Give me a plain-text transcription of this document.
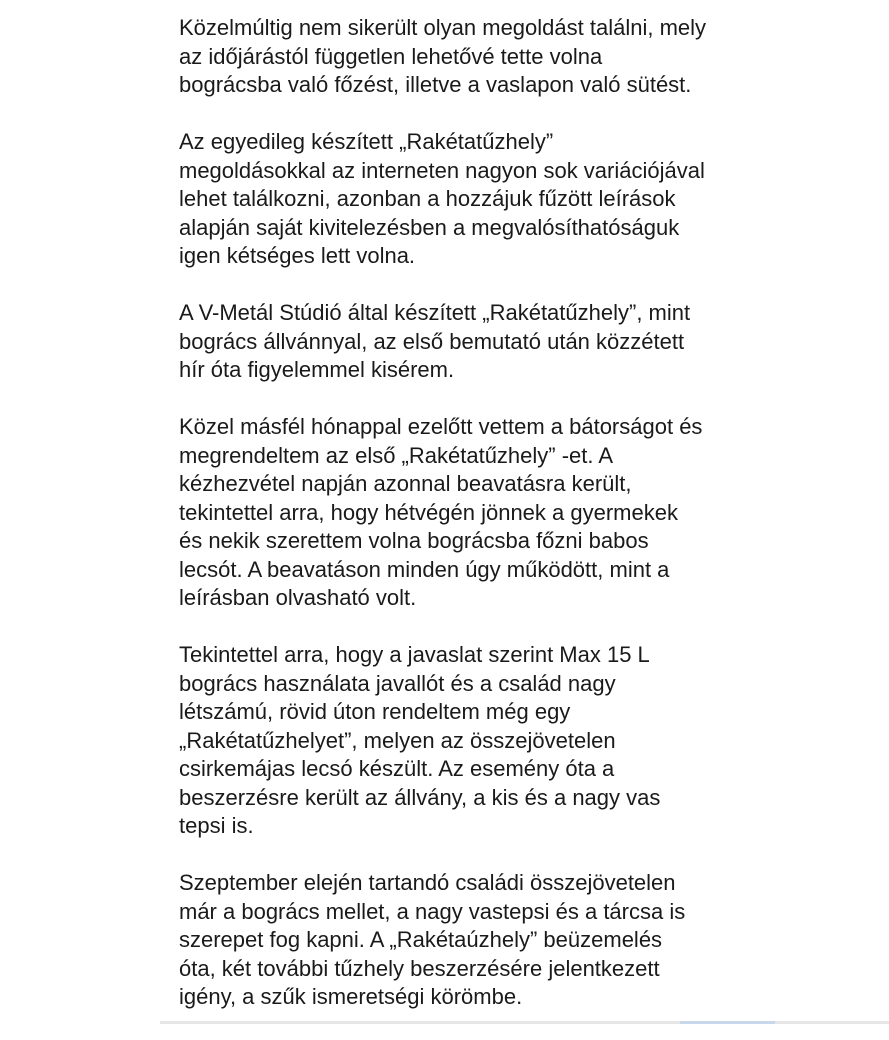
Közelmúltig nem sikerült olyan megoldást találni, mely
az időjárástól független lehetővé tette volna
bográcsba való főzést, illetve a vaslapon való sütést.

Az egyedileg készített „Rakétatűzhely”
megoldásokkal az interneten nagyon sok variációjával
lehet találkozni, azonban a hozzájuk fűzött leírások
alapján saját kivitelezésben a megvalósíthatóságuk
igen kétséges lett volna.

A V-Metál Stúdió által készített „Rakétatűzhely”, mint
bogrács állvánnyal, az első bemutató után közzétett
hír óta figyelemmel kisérem.

Közel másfél hónappal ezelőtt vettem a bátorságot és
megrendeltem az első „Rakétatűzhely” -et. A
kézhezvétel napján azonnal beavatásra került,
tekintettel arra, hogy hétvégén jönnek a gyermekek
és nekik szerettem volna bográcsba főzni babos
lecsót. A beavatáson minden úgy működött, mint a
leírásban olvasható volt.

Tekintettel arra, hogy a javaslat szerint Max 15 L
bogrács használata javallót és a család nagy
létszámú, rövid úton rendeltem még egy
„Rakétatűzhelyet”, melyen az összejövetelen
csirkemájas lecsó készült. Az esemény óta a
beszerzésre került az állvány, a kis és a nagy vas
tepsi is.

Szeptember elején tartandó családi összejövetelen
már a bogrács mellet, a nagy vastepsi és a tárcsa is
szerepet fog kapni. A „Rakétaúzhely” beüzemelés
óta, két további tűzhely beszerzésére jelentkezett
igény, a szűk ismeretségi körömbe.
